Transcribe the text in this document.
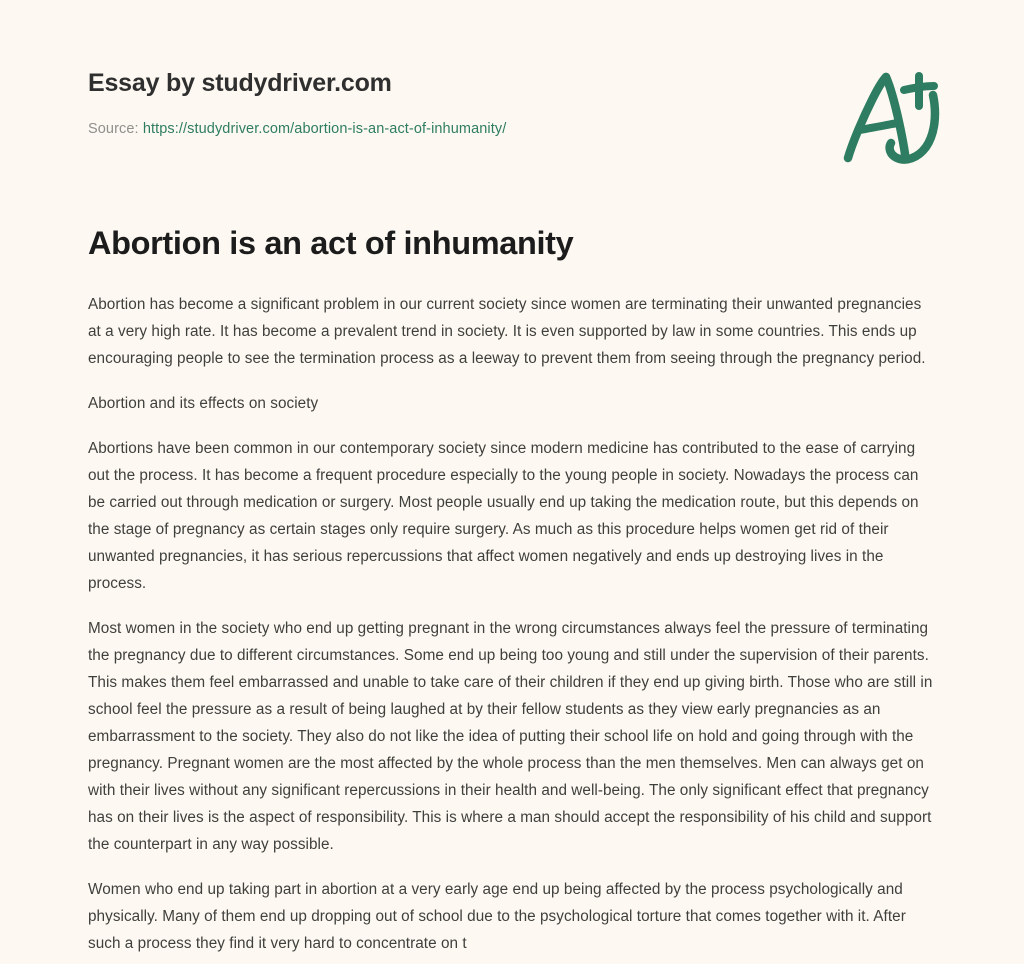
Essay by studydriver.com
Source: https://studydriver.com/abortion-is-an-act-of-inhumanity/
Abortion is an act of inhumanity

Abortion has become a significant problem in our current society since women are terminating their unwanted pregnancies at a very high rate. It has become a prevalent trend in society. It is even supported by law in some countries. This ends up encouraging people to see the termination process as a leeway to prevent them from seeing through the pregnancy period.

Abortion and its effects on society

Abortions have been common in our contemporary society since modern medicine has contributed to the ease of carrying out the process. It has become a frequent procedure especially to the young people in society. Nowadays the process can be carried out through medication or surgery. Most people usually end up taking the medication route, but this depends on the stage of pregnancy as certain stages only require surgery. As much as this procedure helps women get rid of their unwanted pregnancies, it has serious repercussions that affect women negatively and ends up destroying lives in the process.

Most women in the society who end up getting pregnant in the wrong circumstances always feel the pressure of terminating the pregnancy due to different circumstances. Some end up being too young and still under the supervision of their parents. This makes them feel embarrassed and unable to take care of their children if they end up giving birth. Those who are still in school feel the pressure as a result of being laughed at by their fellow students as they view early pregnancies as an embarrassment to the society. They also do not like the idea of putting their school life on hold and going through with the pregnancy. Pregnant women are the most affected by the whole process than the men themselves. Men can always get on with their lives without any significant repercussions in their health and well-being. The only significant effect that pregnancy has on their lives is the aspect of responsibility. This is where a man should accept the responsibility of his child and support the counterpart in any way possible.

Women who end up taking part in abortion at a very early age end up being affected by the process psychologically and physically. Many of them end up dropping out of school due to the psychological torture that comes together with it. After such a process they find it very hard to concentrate on t
